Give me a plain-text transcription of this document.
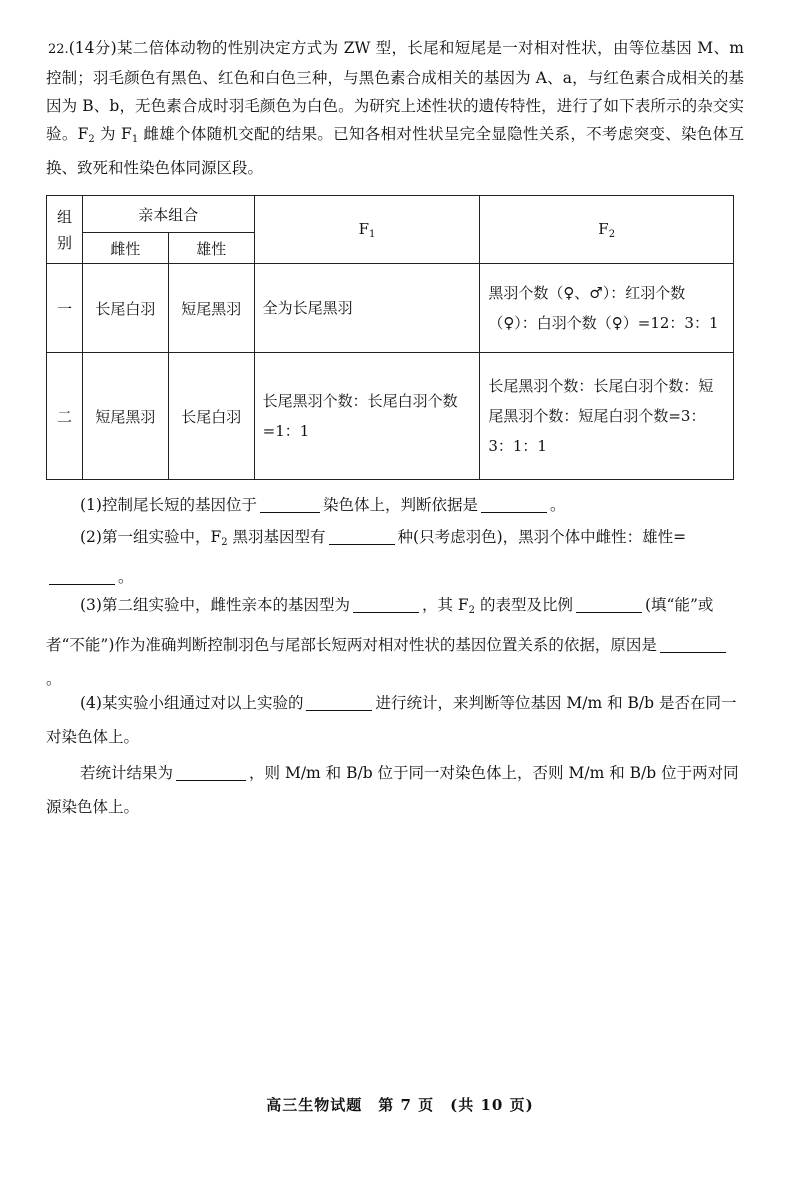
22.(14分)某二倍体动物的性别决定方式为 ZW 型，长尾和短尾是一对相对性状，由等位基因 M、m 控制；羽毛颜色有黑色、红色和白色三种，与黑色素合成相关的基因为 A、a，与红色素合成相关的基因为 B、b，无色素合成时羽毛颜色为白色。为研究上述性状的遗传特性，进行了如下表所示的杂交实验。$F_2$ 为 $F_1$ 雌雄个体随机交配的结果。已知各相对性状呈完全显隐性关系，不考虑突变、染色体互换、致死和性染色体同源区段。
组别	亲本组合		$F_1$	$F_2$
	雌性	雄性		
一	长尾白羽	短尾黑羽	全为长尾黑羽	黑羽个数（♀、♂）：红羽个数（♀）：白羽个数（♀）=12：3：1
二	短尾黑羽	长尾白羽	长尾黑羽个数：长尾白羽个数=1：1	长尾黑羽个数：长尾白羽个数：短尾黑羽个数：短尾白羽个数=3：3：1：1
(1)控制尾长短的基因位于	染色体上，判断依据是	。
(2)第一组实验中，$F_2$ 黑羽基因型有	种(只考虑羽色)，黑羽个体中雌性：雄性=。
(3)第二组实验中，雌性亲本的基因型为	，其 $F_2$ 的表型及比例	(填“能”或者“不能”)作为准确判断控制羽色与尾部长短两对相对性状的基因位置关系的依据，原因是。
(4)某实验小组通过对以上实验的	进行统计，来判断等位基因 M/m 和 B/b 是否在同一对染色体上。
若统计结果为	，则 M/m 和 B/b 位于同一对染色体上，否则 M/m 和 B/b 位于两对同源染色体上。
高三生物试题　第 7 页　(共 10 页)
